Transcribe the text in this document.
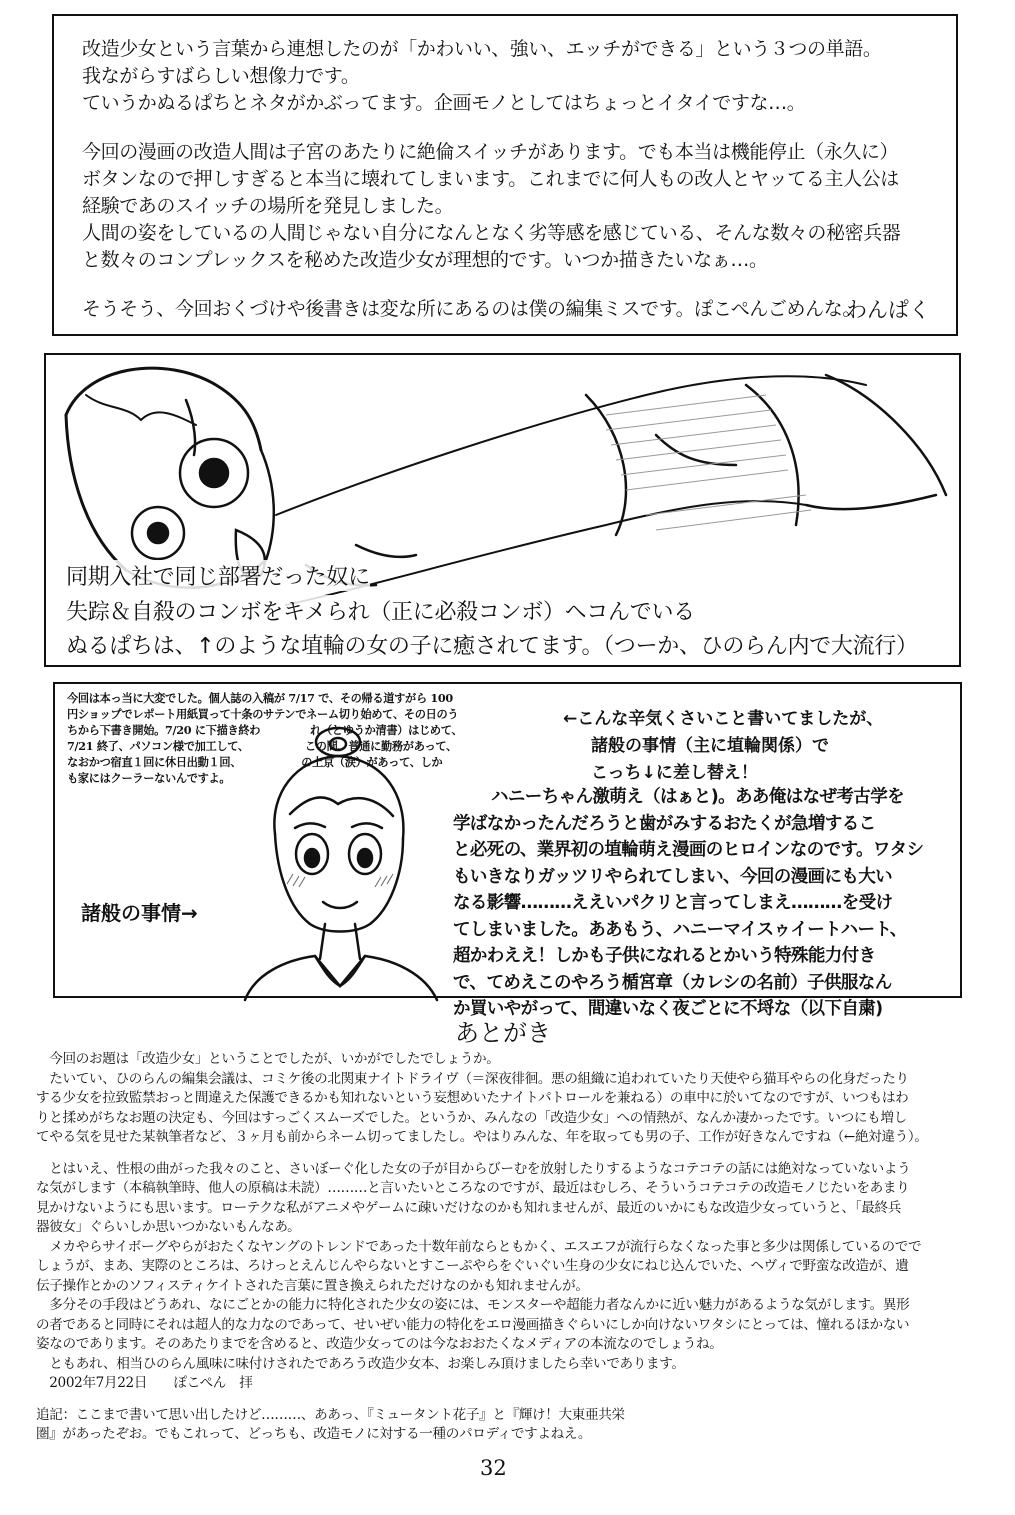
改造少女という言葉から連想したのが「かわいい、強い、エッチができる」という３つの単語。
我ながらすばらしい想像力です。
ていうかぬるぱちとネタがかぶってます。企画モノとしてはちょっとイタイですな…。
今回の漫画の改造人間は子宮のあたりに絶倫スイッチがあります。でも本当は機能停止（永久に）
ボタンなので押しすぎると本当に壊れてしまいます。これまでに何人もの改人とヤッてる主人公は
経験であのスイッチの場所を発見しました。
人間の姿をしているの人間じゃない自分になんとなく劣等感を感じている、そんな数々の秘密兵器
と数々のコンプレックスを秘めた改造少女が理想的です。いつか描きたいなぁ…。
そうそう、今回おくづけや後書きは変な所にあるのは僕の編集ミスです。ぽこぺんごめんな。
わんぱく
同期入社で同じ部署だった奴に
失踪＆自殺のコンボをキメられ（正に必殺コンボ）ヘコんでいる
ぬるぱちは、↑のような埴輪の女の子に癒されてます。（つーか、ひのらん内で大流行）
今回は本っ当に大変でした。個人誌の入稿が 7/17 で、その帰る道すがら 100
円ショップでレポート用紙買って十条のサテンでネーム切り始めて、その日のう
ちから下書き開始。7/20 に下描き終わ	れ（とゆうか清書）はじめて、
7/21 終了、パソコン様で加工して、	この間、普通に勤務があって、
なおかつ宿直１回に休日出動１回、	の上京（涙）があって、しか
も家にはクーラーないんですよ。
←こんな辛気くさいこと書いてましたが、
諸般の事情（主に埴輪関係）で
こっち↓に差し替え！
ハニーちゃん激萌え（はぁと)。ああ俺はなぜ考古学を
学ばなかったんだろうと歯がみするおたくが急増するこ
と必死の、業界初の埴輪萌え漫画のヒロインなのです。ワタシ
もいきなりガッツリやられてしまい、今回の漫画にも大い
なる影響………ええいパクリと言ってしまえ………を受け
てしまいました。ああもう、ハニーマイスゥイートハート、
超かわええ！しかも子供になれるとかいう特殊能力付き
で、てめえこのやろう楯宮章（カレシの名前）子供服なん
か買いやがって、間違いなく夜ごとに不埒な（以下自粛)
諸般の事情→
あとがき
　今回のお題は「改造少女」ということでしたが、いかがでしたでしょうか。
　たいてい、ひのらんの編集会議は、コミケ後の北関東ナイトドライヴ（＝深夜徘徊。悪の組織に追われていたり天使やら猫耳やらの化身だったり
する少女を拉致監禁おっと間違えた保護できるかも知れないという妄想めいたナイトパトロールを兼ねる）の車中に於いてなのですが、いつもはわ
りと揉めがちなお題の決定も、今回はすっごくスムーズでした。というか、みんなの「改造少女」への情熱が、なんか凄かったです。いつにも増し
てやる気を見せた某執筆者など、３ヶ月も前からネーム切ってましたし。やはりみんな、年を取っても男の子、工作が好きなんですね（←絶対違う）。
　とはいえ、性根の曲がった我々のこと、さいぼーぐ化した女の子が目からびーむを放射したりするようなコテコテの話には絶対なっていないよう
な気がします（本稿執筆時、他人の原稿は未読）………と言いたいところなのですが、最近はむしろ、そういうコテコテの改造モノじたいをあまり
見かけないようにも思います。ローテクな私がアニメやゲームに疎いだけなのかも知れませんが、最近のいかにもな改造少女っていうと、「最終兵
器彼女」ぐらいしか思いつかないもんなあ。
　メカやらサイボーグやらがおたくなヤングのトレンドであった十数年前ならともかく、エスエフが流行らなくなった事と多少は関係しているのでで
しょうが、まあ、実際のところは、ろけっとえんじんやらないとすこーぷやらをぐいぐい生身の少女にねじ込んでいた、ヘヴィで野蛮な改造が、遺
伝子操作とかのソフィスティケイトされた言葉に置き換えられただけなのかも知れませんが。
　多分その手段はどうあれ、なにごとかの能力に特化された少女の姿には、モンスターや超能力者なんかに近い魅力があるような気がします。異形
の者であると同時にそれは超人的な力なのであって、せいぜい能力の特化をエロ漫画描きぐらいにしか向けないワタシにとっては、憧れるほかない
姿なのであります。そのあたりまでを含めると、改造少女ってのは今なおおたくなメディアの本流なのでしょうね。
　ともあれ、相当ひのらん風味に味付けされたであろう改造少女本、お楽しみ頂けましたら幸いであります。
　2002年7月22日　　ぽこぺん　拝
追記：ここまで書いて思い出したけど………、ああっ、『ミュータント花子』と『輝け！大東亜共栄
圏』があったぞお。でもこれって、どっちも、改造モノに対する一種のパロディですよねえ。
32
